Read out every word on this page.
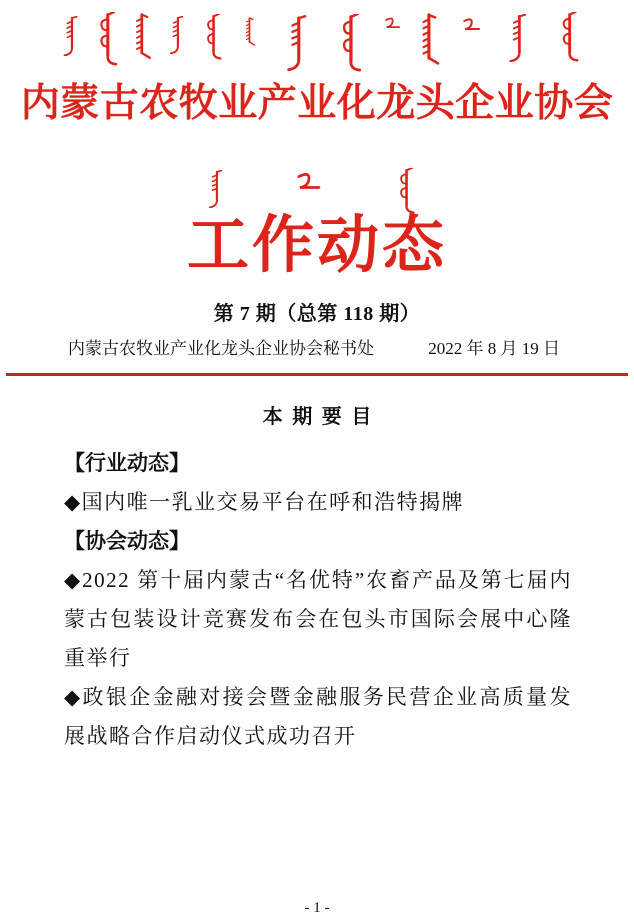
内蒙古农牧业产业化龙头企业协会
工作动态
第 7 期（总第 118 期）
内蒙古农牧业产业化龙头企业协会秘书处	2022 年 8 月 19 日
本 期 要 目
【行业动态】
◆国内唯一乳业交易平台在呼和浩特揭牌
【协会动态】
◆2022 第十届内蒙古“名优特”农畜产品及第七届内蒙古包装设计竞赛发布会在包头市国际会展中心隆重举行
◆政银企金融对接会暨金融服务民营企业高质量发展战略合作启动仪式成功召开
- 1 -
